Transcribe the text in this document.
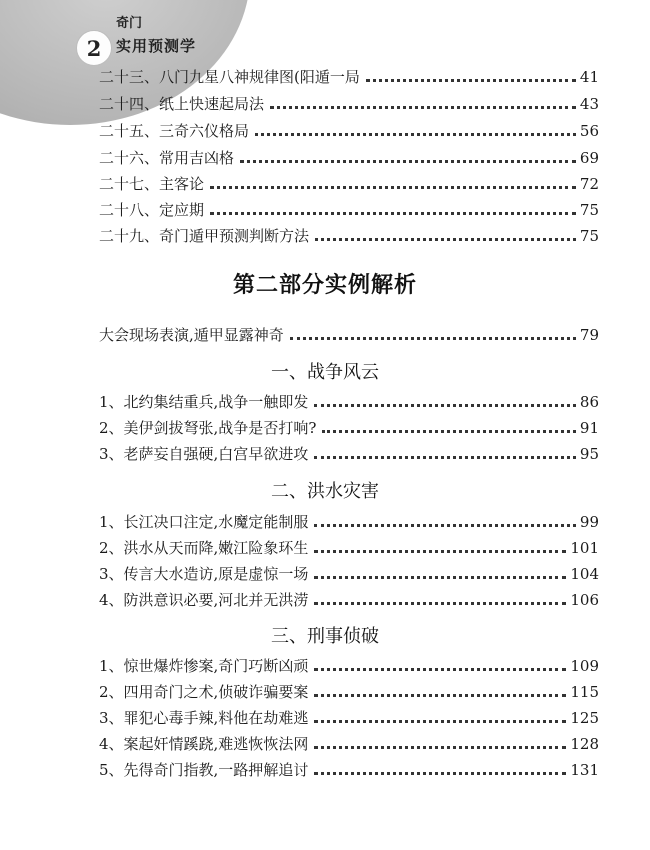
2
奇门
实用预测学
二十三、八门九星八神规律图(阳遁一局	41
二十四、纸上快速起局法	43
二十五、三奇六仪格局	56
二十六、常用吉凶格	69
二十七、主客论	72
二十八、定应期	75
二十九、奇门遁甲预测判断方法	75
第二部分实例解析
大会现场表演,遁甲显露神奇	79
一、战争风云
1、北约集结重兵,战争一触即发	86
2、美伊剑拔弩张,战争是否打响?	91
3、老萨妄自强硬,白宫早欲进攻	95
二、洪水灾害
1、长江决口注定,水魔定能制服	99
2、洪水从天而降,嫩江险象环生	101
3、传言大水造访,原是虚惊一场	104
4、防洪意识必要,河北并无洪涝	106
三、刑事侦破
1、惊世爆炸惨案,奇门巧断凶顽	109
2、四用奇门之术,侦破诈骗要案	115
3、罪犯心毒手辣,料他在劫难逃	125
4、案起奸情蹊跷,难逃恢恢法网	128
5、先得奇门指教,一路押解追讨	131
